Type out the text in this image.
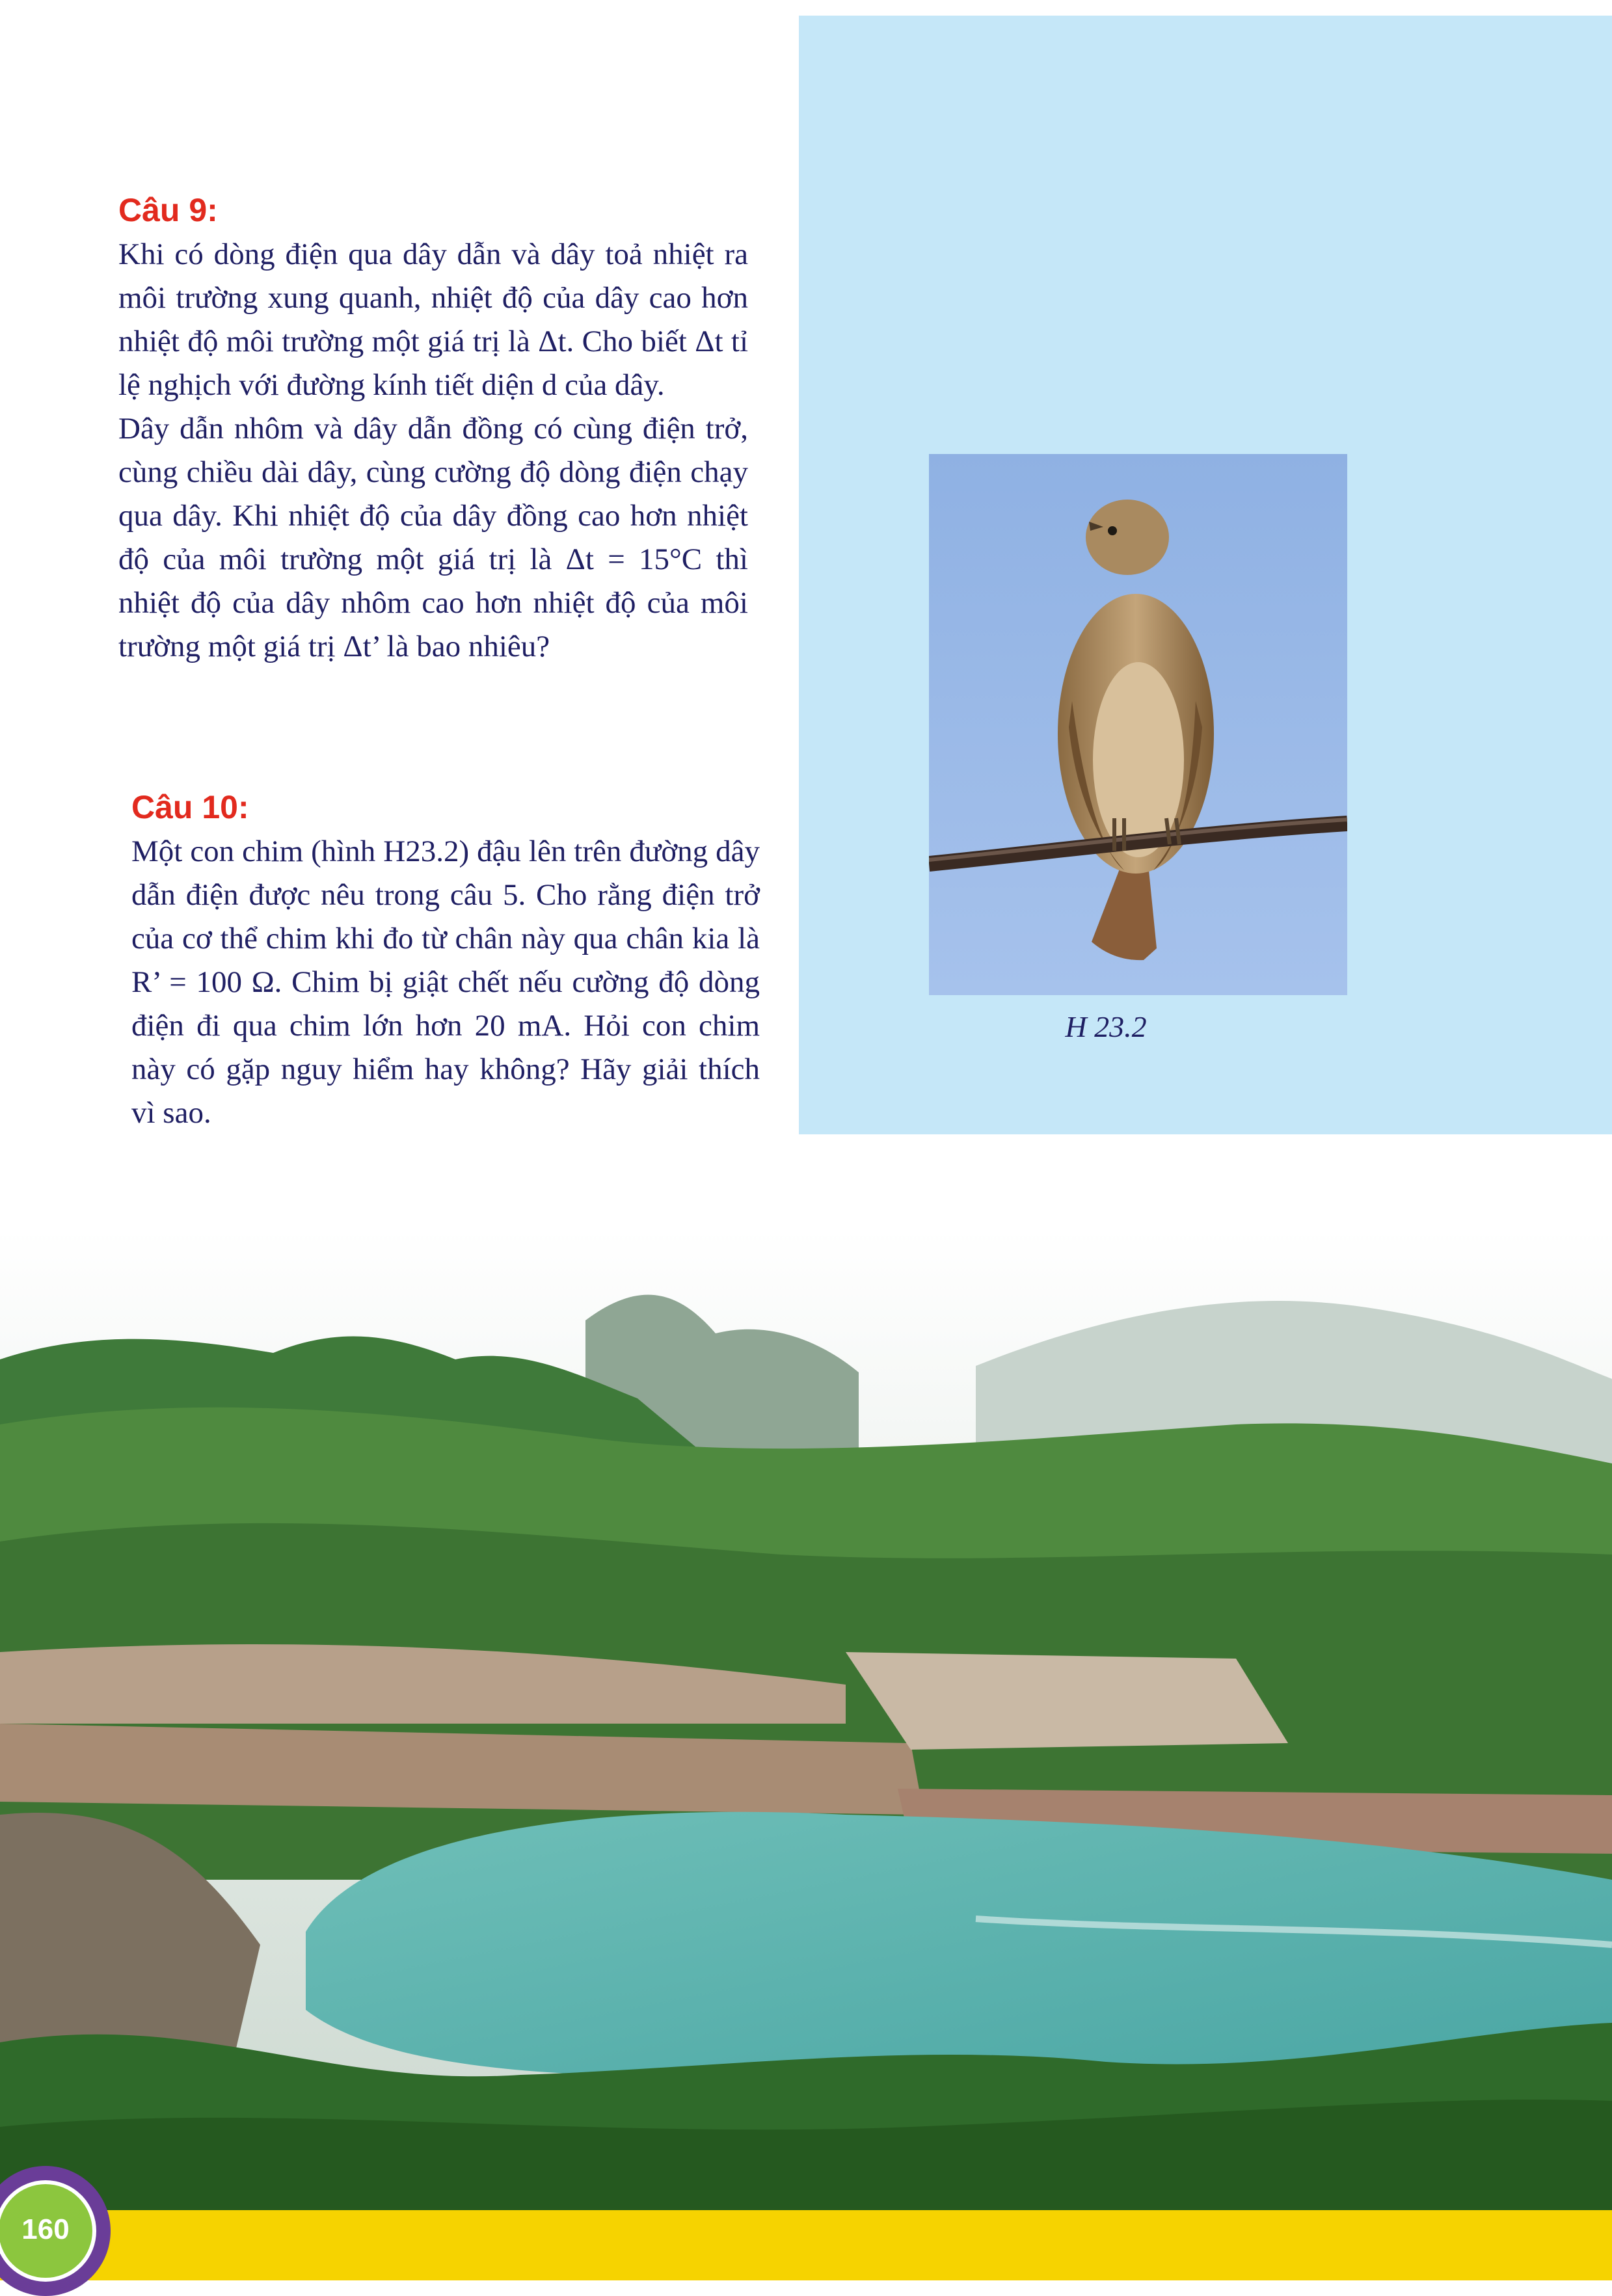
Câu 9:

Khi có dòng điện qua dây dẫn và dây toả nhiệt ra môi trường xung quanh, nhiệt độ của dây cao hơn nhiệt độ môi trường một giá trị là Δt. Cho biết Δt tỉ lệ nghịch với đường kính tiết diện d của dây.

Dây dẫn nhôm và dây dẫn đồng có cùng điện trở, cùng chiều dài dây, cùng cường độ dòng điện chạy qua dây. Khi nhiệt độ của dây đồng cao hơn nhiệt độ của môi trường một giá trị là Δt = 15°C thì nhiệt độ của dây nhôm cao hơn nhiệt độ của môi trường một giá trị Δt’ là bao nhiêu?

Câu 10:

Một con chim (hình H23.2) đậu lên trên đường dây dẫn điện được nêu trong câu 5. Cho rằng điện trở của cơ thể chim khi đo từ chân này qua chân kia là R’ = 100 Ω. Chim bị giật chết nếu cường độ dòng điện đi qua chim lớn hơn 20 mA. Hỏi con chim này có gặp nguy hiểm hay không? Hãy giải thích vì sao.

H 23.2
160
